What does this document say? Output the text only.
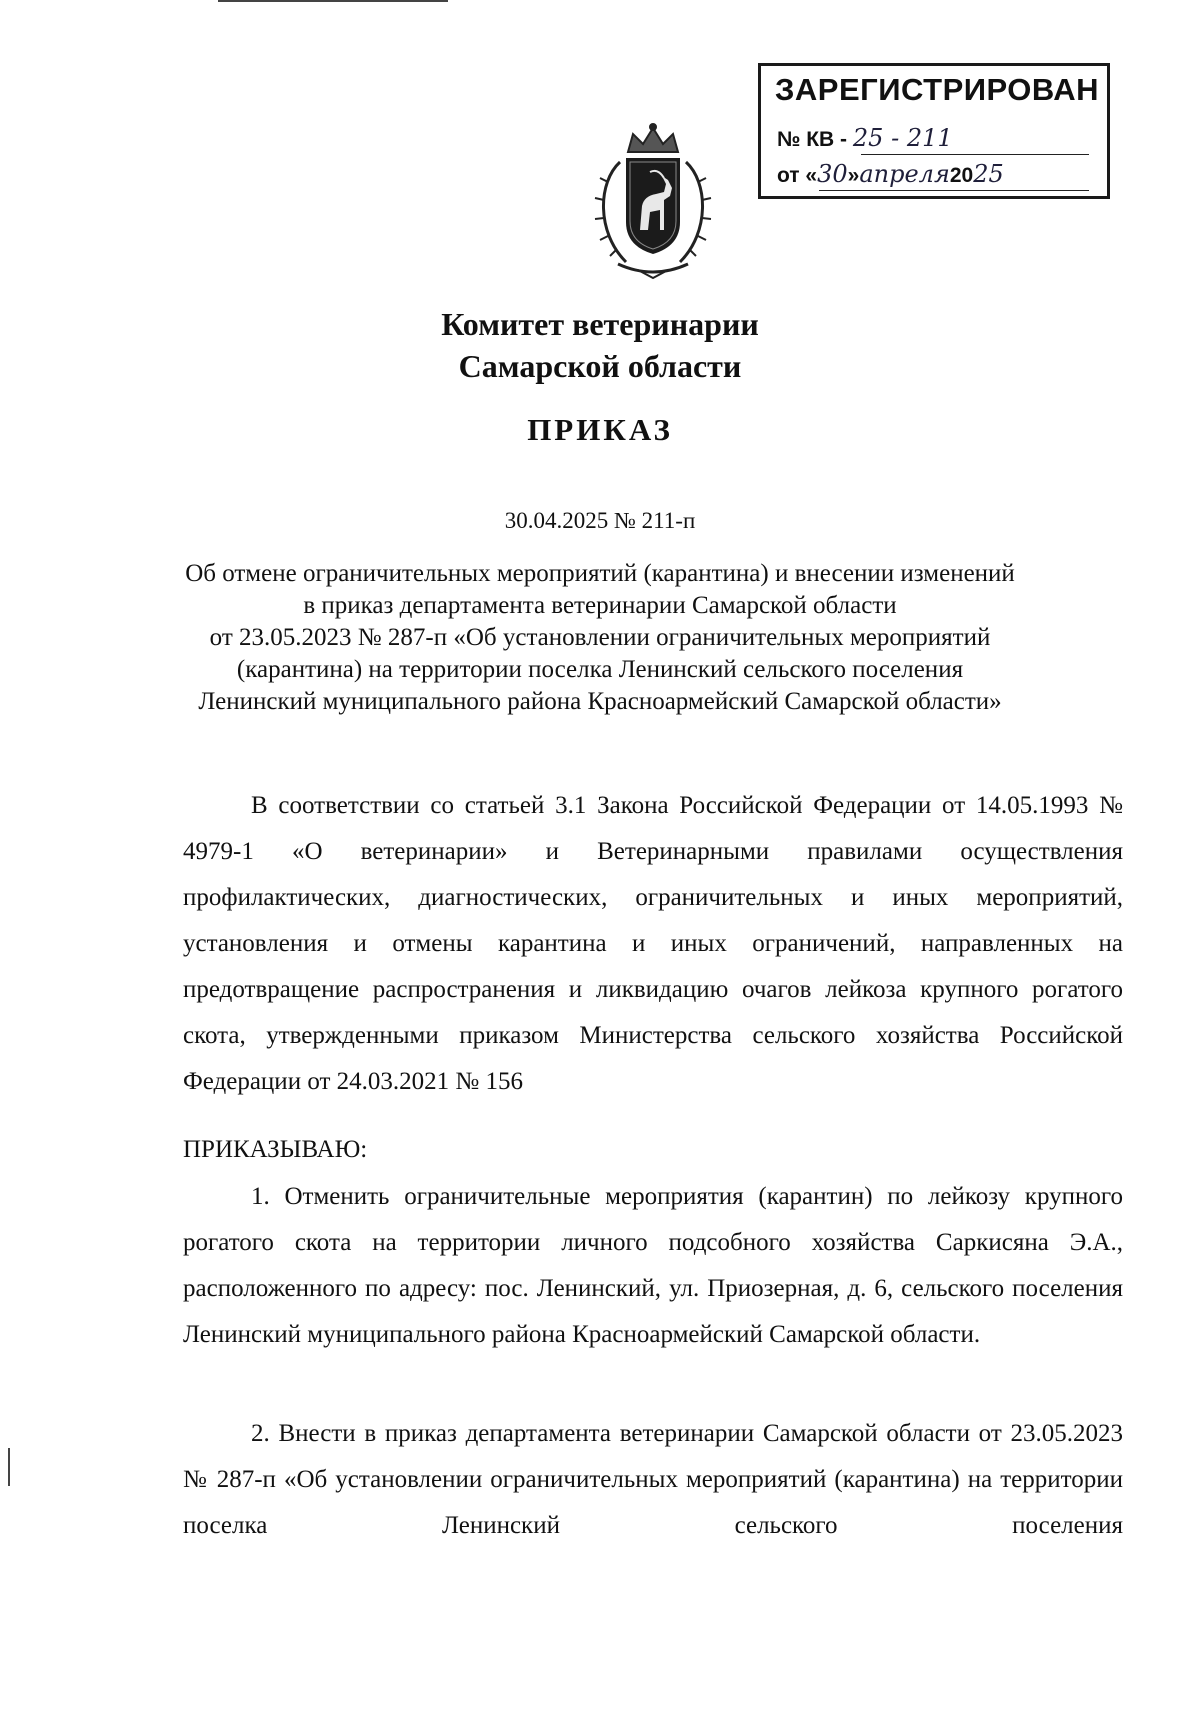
ЗАРЕГИСТРИРОВАН
№ КВ - 25 - 211
от «30»апреля2025
Комитет ветеринарии
Самарской области
ПРИКАЗ
30.04.2025 № 211-п
Об отмене ограничительных мероприятий (карантина) и внесении изменений
в приказ департамента ветеринарии Самарской области
от 23.05.2023 № 287-п «Об установлении ограничительных мероприятий
(карантина) на территории поселка Ленинский сельского поселения
Ленинский муниципального района Красноармейский Самарской области»

В соответствии со статьей 3.1 Закона Российской Федерации от 14.05.1993 № 4979-1 «О ветеринарии» и Ветеринарными правилами осуществления профилактических, диагностических, ограничительных и иных мероприятий, установления и отмены карантина и иных ограничений, направленных на предотвращение распространения и ликвидацию очагов лейкоза крупного рогатого скота, утвержденными приказом Министерства сельского хозяйства Российской Федерации от 24.03.2021 № 156

ПРИКАЗЫВАЮ:

1. Отменить ограничительные мероприятия (карантин) по лейкозу крупного рогатого скота на территории личного подсобного хозяйства Саркисяна Э.А., расположенного по адресу: пос. Ленинский, ул. Приозерная, д. 6, сельского поселения Ленинский муниципального района Красноармейский Самарской области.

2. Внести в приказ департамента ветеринарии Самарской области от 23.05.2023 № 287-п «Об установлении ограничительных мероприятий (карантина) на территории поселка Ленинский сельского поселения
